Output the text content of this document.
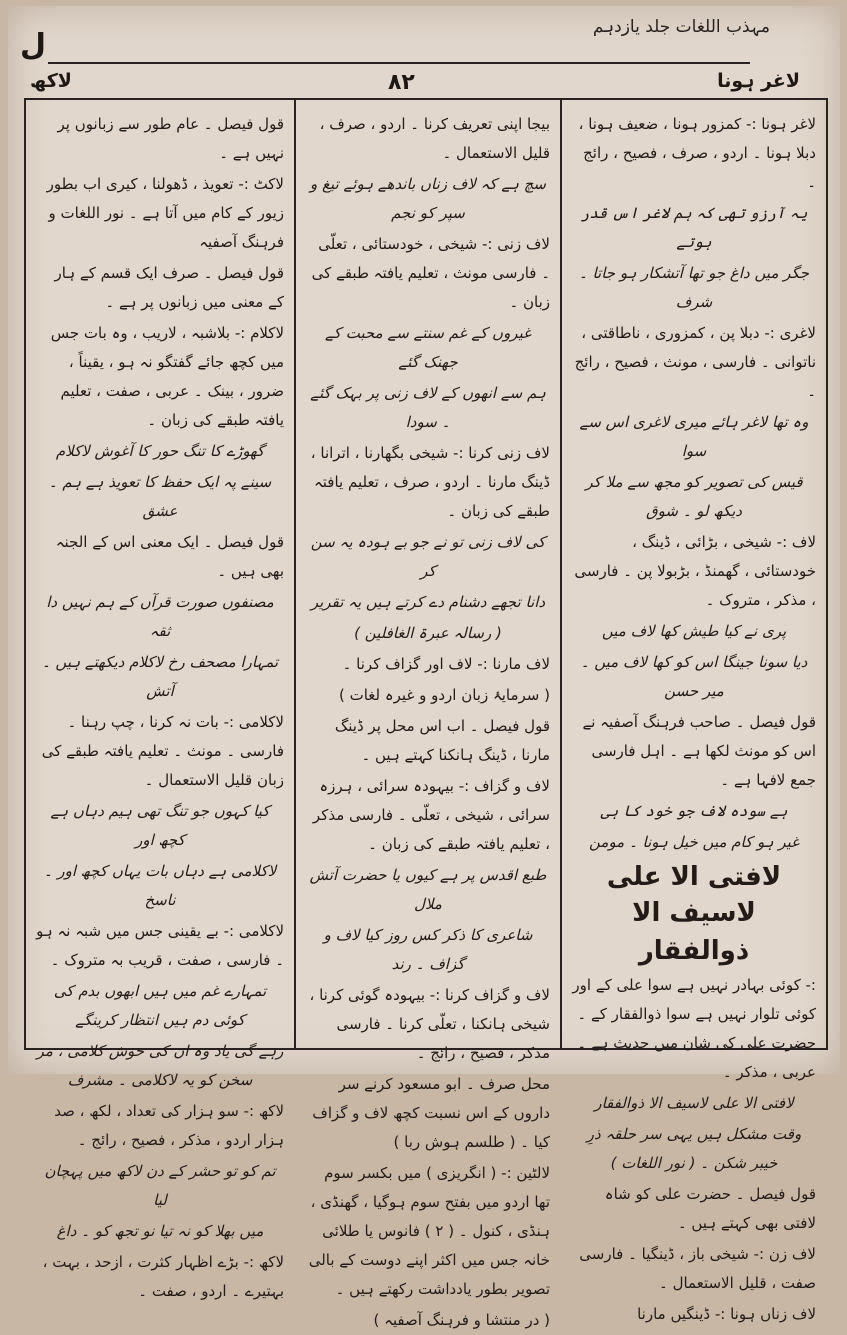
مہذب اللغات جلد یازدہم
ل
لاغر ہونا
۸۲
لاکھ
لاغر ہونا :- کمزور ہونا ، ضعیف ہونا ، دبلا ہونا ۔ اردو ، صرف ، فصیح ، رائج ۔
یہ آرزو تھی کہ ہم لاغر اس قدر ہوتے
جگر میں داغ جو تھا آتشکار ہو جاتا ۔ شرف
لاغری :- دبلا پن ، کمزوری ، ناطاقتی ، ناتوانی ۔ فارسی ، مونث ، فصیح ، رائج ۔
وہ تھا لاغر ہائے میری لاغری اس سے سوا
قیس کی تصویر کو مجھ سے ملا کر دیکھ لو ۔ شوق
لاف :- شیخی ، بڑائی ، ڈینگ ، خودستائی ، گھمنڈ ، بڑبولا پن ۔ فارسی ، مذکر ، متروک ۔
پری نے کیا طیش کھا لاف میں
دیا سونا جینگا اس کو کھا لاف میں ۔ میر حسن
قول فیصل ۔ صاحب فرہنگ آصفیہ نے اس کو مونث لکھا ہے ۔ اہل فارسی جمع لافہا ہے ۔
ہے سودہ لاف جو خود کا ہی
غیر ہو کام میں خیل ہونا ۔ مومن
لافتی الا علی لاسیف الا
ذوالفقار
:- کوئی بہادر نہیں ہے سوا علی کے اور کوئی تلوار نہیں ہے سوا ذوالفقار کے ۔ حضرت علی کی شان میں حدیث ہے ۔ عربی ، مذکر ۔
لافتی الا علی لاسیف الا ذوالفقار
وقت مشکل ہیں یہی سر حلقہ ذرِ خیبر شکن ۔ ( نور اللغات )
قول فیصل ۔ حضرت علی کو شاہ لافتی بھی کہتے ہیں ۔
لاف زن :- شیخی باز ، ڈینگیا ۔ فارسی صفت ، قلیل الاستعمال ۔
لاف زناں ہونا :- ڈینگیں مارنا
بیجا اپنی تعریف کرنا ۔ اردو ، صرف ، قلیل الاستعمال ۔
سچ ہے کہ لاف زناں باندھے ہوئے تیغ و سپر کو نجم
لاف زنی :- شیخی ، خودستائی ، تعلّی ۔ فارسی مونث ، تعلیم یافتہ طبقے کی زبان ۔
غیروں کے غم سنتے سے محبت کے جھنک گئے
ہم سے انھوں کے لاف زنی پر بہک گئے ۔ سودا
لاف زنی کرنا :- شیخی بگھارنا ، اترانا ، ڈینگ مارنا ۔ اردو ، صرف ، تعلیم یافتہ طبقے کی زبان ۔
کی لاف زنی تو نے جو بے ہودہ یہ سن کر
دانا تجھے دشنام دے کرتے ہیں یہ تقریر
( رسالہ عبرۃ الغافلین )
لاف مارنا :- لاف اور گزاف کرنا ۔
( سرمایۂ زبان اردو و غیرہ لغات )
قول فیصل ۔ اب اس محل پر ڈینگ مارنا ، ڈینگ ہانکنا کہتے ہیں ۔
لاف و گزاف :- بیہودہ سرائی ، ہرزہ سرائی ، شیخی ، تعلّی ۔ فارسی مذکر ، تعلیم یافتہ طبقے کی زبان ۔
طبع اقدس پر ہے کیوں یا حضرت آتش ملال
شاعری کا ذکر کس روز کیا لاف و گزاف ۔ رند
لاف و گزاف کرنا :- بیہودہ گوئی کرنا ، شیخی ہانکنا ، تعلّی کرنا ۔ فارسی مذکر ، فصیح ، رائج ۔
محل صرف ۔ ابو مسعود کرنے سر داروں کے اس نسبت کچھ لاف و گزاف کیا ۔ ( طلسم ہوش ربا )
لالٹین :- ( انگریزی ) میں بکسر سوم تھا اردو میں بفتح سوم ہوگیا ، گھنڈی ، ہنڈی ، کنول ۔ ( ۲ ) فانوس یا طلائی خانہ جس میں اکثر اپنے دوست کے بالی تصویر بطور یادداشت رکھتے ہیں ۔
( در منتشا و فرہنگ آصفیہ )
قول فیصل ۔ عام طور سے زبانوں پر نہیں ہے ۔
لاکٹ :- تعویذ ، ڈھولنا ، کیری اب بطور زیور کے کام میں آتا ہے ۔ نور اللغات و فرہنگ آصفیہ
قول فیصل ۔ صرف ایک قسم کے ہار کے معنی میں زبانوں پر ہے ۔
لاکلام :- بلاشبہ ، لاریب ، وہ بات جس میں کچھ جائے گفتگو نہ ہو ، یقیناً ، ضرور ، بینک ۔ عربی ، صفت ، تعلیم یافتہ طبقے کی زبان ۔
گھوڑے کا تنگ حور کا آغوش لاکلام
سینے پہ ایک حفظ کا تعویذ ہے ہم ۔ عشق
قول فیصل ۔ ایک معنی اس کے الجنہ بھی ہیں ۔
مصنفوں صورت قرآں کے ہم نہیں دا ثقہ
تمہارا مصحف رخ لاکلام دیکھتے ہیں ۔ آتش
لاکلامی :- بات نہ کرنا ، چپ رہنا ۔ فارسی ۔ مونث ۔ تعلیم یافتہ طبقے کی زبان قلیل الاستعمال ۔
کیا کہوں جو تنگ تھی ہیم دہاں ہے کچھ اور
لاکلامی ہے دہاں بات یہاں کچھ اور ۔ ناسخ
لاکلامی :- بے یقینی جس میں شبہ نہ ہو ۔ فارسی ، صفت ، قریب بہ متروک ۔
تمہارے غم میں ہیں ابھوں بدم کی کوئی دم ہیں انتظار کرینگے
رہے گی یاد وہ ان کی خوش کلامی ، مر سخن کو یہ لاکلامی ۔ مشرف
لاکھ :- سو ہزار کی تعداد ، لکھ ، صد ہزار اردو ، مذکر ، فصیح ، رائج ۔
تم کو تو حشر کے دن لاکھ میں پہچان لیا
میں بھلا کو نہ تیا نو تجھ کو ۔ داغ
لاکھ :- بڑے اظہار کثرت ، ازحد ، بہت ، بہتیرے ۔ اردو ، صفت ۔
